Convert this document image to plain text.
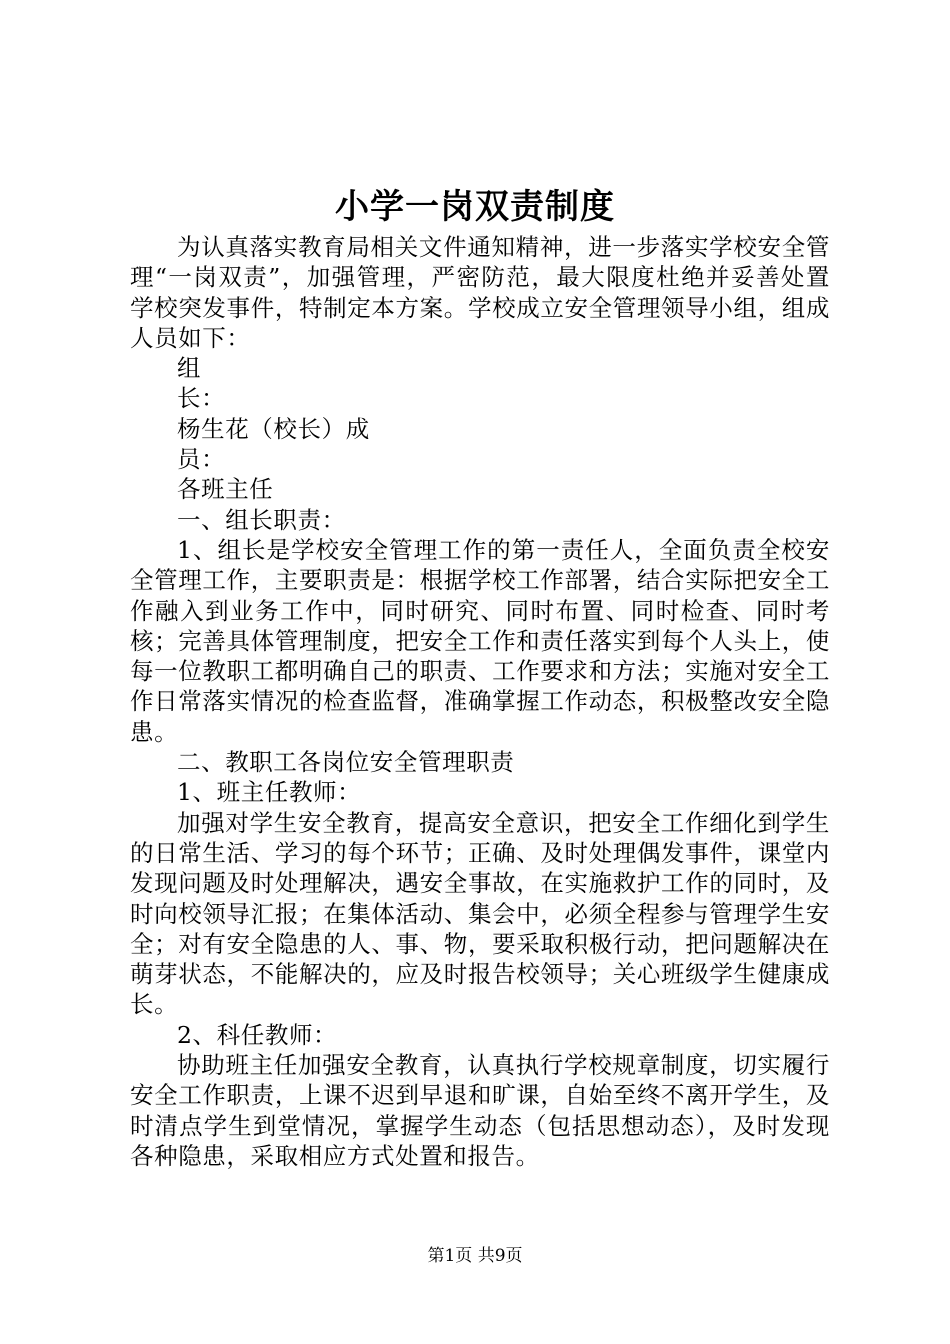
小学一岗双责制度

为认真落实教育局相关文件通知精神，进一步落实学校安全管理“一岗双责”，加强管理，严密防范，最大限度杜绝并妥善处置学校突发事件，特制定本方案。学校成立安全管理领导小组，组成人员如下：

组

长：

杨生花（校长）成

员：

各班主任

一、组长职责：

1、组长是学校安全管理工作的第一责任人，全面负责全校安全管理工作，主要职责是：根据学校工作部署，结合实际把安全工作融入到业务工作中，同时研究、同时布置、同时检查、同时考核；完善具体管理制度，把安全工作和责任落实到每个人头上，使每一位教职工都明确自己的职责、工作要求和方法；实施对安全工作日常落实情况的检查监督，准确掌握工作动态，积极整改安全隐患。

二、教职工各岗位安全管理职责

1、班主任教师：

加强对学生安全教育，提高安全意识，把安全工作细化到学生的日常生活、学习的每个环节；正确、及时处理偶发事件，课堂内发现问题及时处理解决，遇安全事故，在实施救护工作的同时，及时向校领导汇报；在集体活动、集会中，必须全程参与管理学生安全；对有安全隐患的人、事、物，要采取积极行动，把问题解决在萌芽状态，不能解决的，应及时报告校领导；关心班级学生健康成长。

2、科任教师：

协助班主任加强安全教育，认真执行学校规章制度，切实履行安全工作职责，上课不迟到早退和旷课，自始至终不离开学生，及时清点学生到堂情况，掌握学生动态（包括思想动态），及时发现各种隐患，采取相应方式处置和报告。

第1页 共9页
